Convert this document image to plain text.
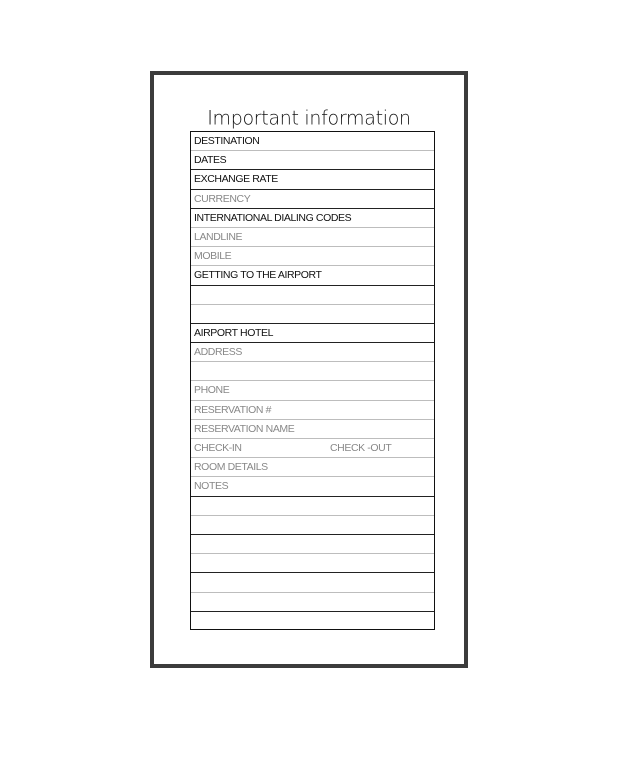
Important information
DESTINATION
DATES
EXCHANGE RATE
CURRENCY
INTERNATIONAL DIALING CODES
LANDLINE
MOBILE
GETTING TO THE AIRPORT
AIRPORT HOTEL
ADDRESS
PHONE
RESERVATION #
RESERVATION NAME
CHECK-IN	CHECK -OUT
ROOM DETAILS
NOTES
